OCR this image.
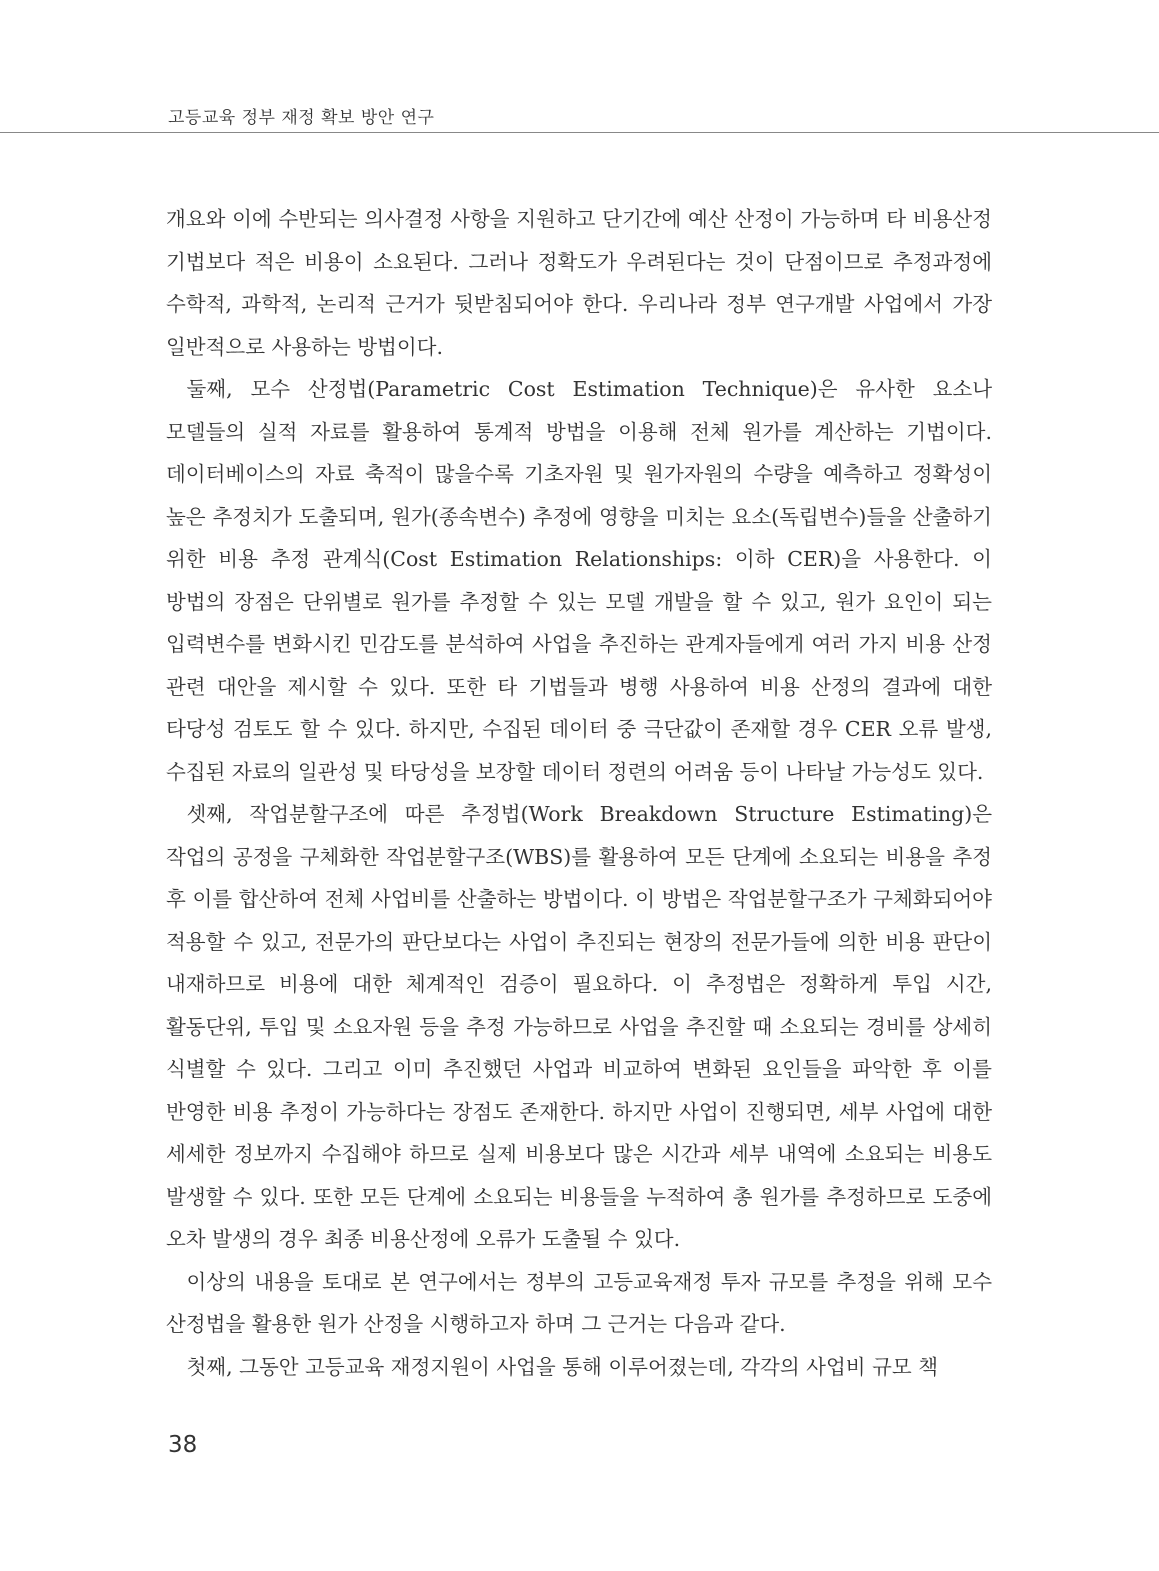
고등교육 정부 재정 확보 방안 연구

개요와 이에 수반되는 의사결정 사항을 지원하고 단기간에 예산 산정이 가능하며 타 비용산정 기법보다 적은 비용이 소요된다. 그러나 정확도가 우려된다는 것이 단점이므로 추정과정에 수학적, 과학적, 논리적 근거가 뒷받침되어야 한다. 우리나라 정부 연구개발 사업에서 가장 일반적으로 사용하는 방법이다.

둘째, 모수 산정법(Parametric Cost Estimation Technique)은 유사한 요소나 모델들의 실적 자료를 활용하여 통계적 방법을 이용해 전체 원가를 계산하는 기법이다. 데이터베이스의 자료 축적이 많을수록 기초자원 및 원가자원의 수량을 예측하고 정확성이 높은 추정치가 도출되며, 원가(종속변수) 추정에 영향을 미치는 요소(독립변수)들을 산출하기 위한 비용 추정 관계식(Cost Estimation Relationships: 이하 CER)을 사용한다. 이 방법의 장점은 단위별로 원가를 추정할 수 있는 모델 개발을 할 수 있고, 원가 요인이 되는 입력변수를 변화시킨 민감도를 분석하여 사업을 추진하는 관계자들에게 여러 가지 비용 산정 관련 대안을 제시할 수 있다. 또한 타 기법들과 병행 사용하여 비용 산정의 결과에 대한 타당성 검토도 할 수 있다. 하지만, 수집된 데이터 중 극단값이 존재할 경우 CER 오류 발생, 수집된 자료의 일관성 및 타당성을 보장할 데이터 정련의 어려움 등이 나타날 가능성도 있다.

셋째, 작업분할구조에 따른 추정법(Work Breakdown Structure Estimating)은 작업의 공정을 구체화한 작업분할구조(WBS)를 활용하여 모든 단계에 소요되는 비용을 추정 후 이를 합산하여 전체 사업비를 산출하는 방법이다. 이 방법은 작업분할구조가 구체화되어야 적용할 수 있고, 전문가의 판단보다는 사업이 추진되는 현장의 전문가들에 의한 비용 판단이 내재하므로 비용에 대한 체계적인 검증이 필요하다. 이 추정법은 정확하게 투입 시간, 활동단위, 투입 및 소요자원 등을 추정 가능하므로 사업을 추진할 때 소요되는 경비를 상세히 식별할 수 있다. 그리고 이미 추진했던 사업과 비교하여 변화된 요인들을 파악한 후 이를 반영한 비용 추정이 가능하다는 장점도 존재한다. 하지만 사업이 진행되면, 세부 사업에 대한 세세한 정보까지 수집해야 하므로 실제 비용보다 많은 시간과 세부 내역에 소요되는 비용도 발생할 수 있다. 또한 모든 단계에 소요되는 비용들을 누적하여 총 원가를 추정하므로 도중에 오차 발생의 경우 최종 비용산정에 오류가 도출될 수 있다.

이상의 내용을 토대로 본 연구에서는 정부의 고등교육재정 투자 규모를 추정을 위해 모수 산정법을 활용한 원가 산정을 시행하고자 하며 그 근거는 다음과 같다.

첫째, 그동안 고등교육 재정지원이 사업을 통해 이루어졌는데, 각각의 사업비 규모 책

38
